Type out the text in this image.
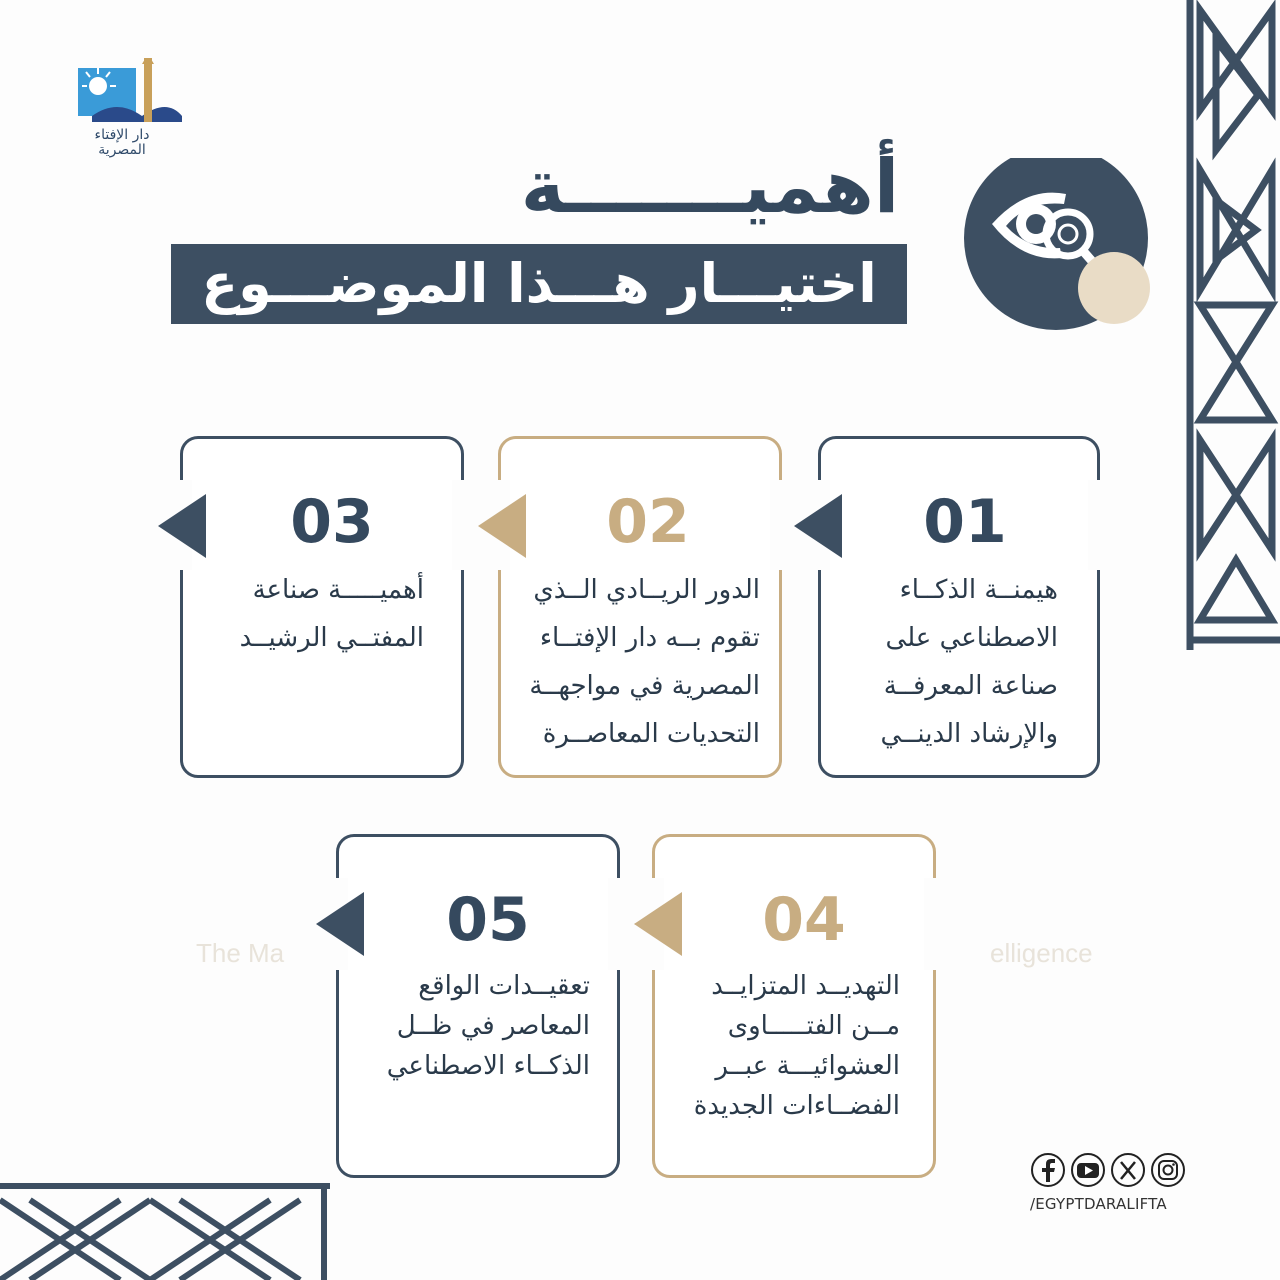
The Ma	elligence
دار الإفتاء المصرية	أهميـــــــة
اختيـــار هـــذا الموضـــوع
01
هيمنــة الذكــاء
الاصطناعي على
صناعة المعرفــة
والإرشاد الدينــي
02
الدور الريــادي الــذي
تقوم بــه دار الإفتــاء
المصرية في مواجهــة
التحديات المعاصــرة
03
أهميـــــة صناعة
المفتــي الرشيــد
04
التهديــد المتزايــد
مــن الفتـــــاوى
العشوائيـــة عبــر
الفضــاءات الجديدة
05
تعقيــدات الواقع
المعاصر في ظــل
الذكــاء الاصطناعي
/EGYPTDARALIFTA
